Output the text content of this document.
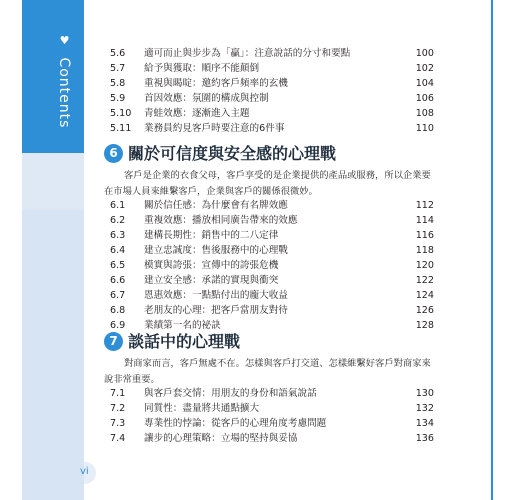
♥ Contents
vi
5.6 適可而止與步步為「贏」：注意說話的分寸和要點	100
5.7 給予與獲取：順序不能顛倒	102
5.8 重視與暍啶：邀約客戶頻率的玄機	104
5.9 首因效應：氛圍的構成與控制	106
5.10 青蛙效應：逐漸進入主題	108
5.11 業務員約見客戶時要注意的6件事	110
6 關於可信度與安全感的心理戰
客戶是企業的衣食父母，客戶享受的是企業提供的產品或服務，所以企業要在市場人員來維繫客戶，企業與客戶的關係很微妙。
6.1 關於信任感：為什麼會有名牌效應	112
6.2 重複效應：播放相同廣告帶來的效應	114
6.3 建構長期性：銷售中的二八定律	116
6.4 建立忠誠度：售後服務中的心理戰	118
6.5 模實與誇張：宣傳中的誇張危機	120
6.6 建立安全感：承諾的實現與衝突	122
6.7 恩惠效應：一點點付出的龐大收益	124
6.8 老朋友的心理：把客戶當朋友對待	126
6.9 業績第一名的祕訣	128
7 談話中的心理戰
對商家而言，客戶無處不在。怎樣與客戶打交道、怎樣維繫好客戶對商家來說非常重要。
7.1 與客戶套交情：用朋友的身份和語氣說話	130
7.2 同質性：盡量將共通點擴大	132
7.3 專業性的悖論：從客戶的心理角度考慮問題	134
7.4 讓步的心理策略：立場的堅持與妥協	136
